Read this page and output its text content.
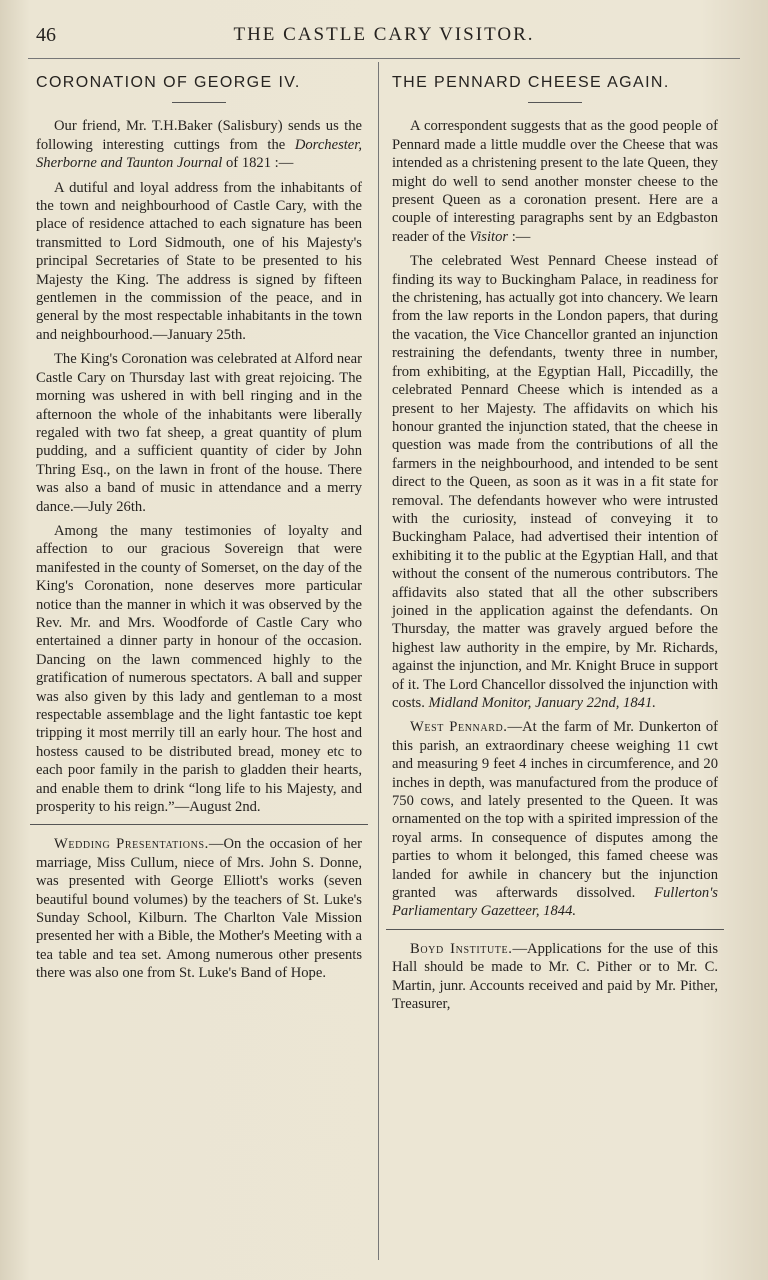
46	THE CASTLE CARY VISITOR.
CORONATION OF GEORGE IV.

Our friend, Mr. T.H.Baker (Salisbury) sends us the following interesting cuttings from the Dorchester, Sherborne and Taunton Journal of 1821 :—

A dutiful and loyal address from the inhabitants of the town and neighbourhood of Castle Cary, with the place of residence attached to each signature has been transmitted to Lord Sidmouth, one of his Majesty's principal Secretaries of State to be presented to his Majesty the King. The address is signed by fifteen gentlemen in the commission of the peace, and in general by the most respectable inhabitants in the town and neighbourhood.—January 25th.

The King's Coronation was celebrated at Alford near Castle Cary on Thursday last with great rejoicing. The morning was ushered in with bell ringing and in the afternoon the whole of the inhabitants were liberally regaled with two fat sheep, a great quantity of plum pudding, and a sufficient quantity of cider by John Thring Esq., on the lawn in front of the house. There was also a band of music in attendance and a merry dance.—July 26th.

Among the many testimonies of loyalty and affection to our gracious Sovereign that were manifested in the county of Somerset, on the day of the King's Coronation, none deserves more particular notice than the manner in which it was observed by the Rev. Mr. and Mrs. Woodforde of Castle Cary who entertained a dinner party in honour of the occasion. Dancing on the lawn commenced highly to the gratification of numerous spectators. A ball and supper was also given by this lady and gentleman to a most respectable assemblage and the light fantastic toe kept tripping it most merrily till an early hour. The host and hostess caused to be distributed bread, money etc to each poor family in the parish to gladden their hearts, and enable them to drink “long life to his Majesty, and prosperity to his reign.”—August 2nd.

Wedding Presentations.—On the occasion of her marriage, Miss Cullum, niece of Mrs. John S. Donne, was presented with George Elliott's works (seven beautiful bound volumes) by the teachers of St. Luke's Sunday School, Kilburn. The Charlton Vale Mission presented her with a Bible, the Mother's Meeting with a tea table and tea set. Among numerous other presents there was also one from St. Luke's Band of Hope.

THE PENNARD CHEESE AGAIN.

A correspondent suggests that as the good people of Pennard made a little muddle over the Cheese that was intended as a christening present to the late Queen, they might do well to send another monster cheese to the present Queen as a coronation present. Here are a couple of interesting paragraphs sent by an Edgbaston reader of the Visitor :—

The celebrated West Pennard Cheese instead of finding its way to Buckingham Palace, in readiness for the christening, has actually got into chancery. We learn from the law reports in the London papers, that during the vacation, the Vice Chancellor granted an injunction restraining the defendants, twenty three in number, from exhibiting, at the Egyptian Hall, Piccadilly, the celebrated Pennard Cheese which is intended as a present to her Majesty. The affidavits on which his honour granted the injunction stated, that the cheese in question was made from the contributions of all the farmers in the neighbourhood, and intended to be sent direct to the Queen, as soon as it was in a fit state for removal. The defendants however who were intrusted with the curiosity, instead of conveying it to Buckingham Palace, had advertised their intention of exhibiting it to the public at the Egyptian Hall, and that without the consent of the numerous contributors. The affidavits also stated that all the other subscribers joined in the application against the defendants. On Thursday, the matter was gravely argued before the highest law authority in the empire, by Mr. Richards, against the injunction, and Mr. Knight Bruce in support of it. The Lord Chancellor dissolved the injunction with costs. Midland Monitor, January 22nd, 1841.

West Pennard.—At the farm of Mr. Dunkerton of this parish, an extraordinary cheese weighing 11 cwt and measuring 9 feet 4 inches in circumference, and 20 inches in depth, was manufactured from the produce of 750 cows, and lately presented to the Queen. It was ornamented on the top with a spirited impression of the royal arms. In consequence of disputes among the parties to whom it belonged, this famed cheese was landed for awhile in chancery but the injunction granted was afterwards dissolved. Fullerton's Parliamentary Gazetteer, 1844.

Boyd Institute.—Applications for the use of this Hall should be made to Mr. C. Pither or to Mr. C. Martin, junr. Accounts received and paid by Mr. Pither, Treasurer,
